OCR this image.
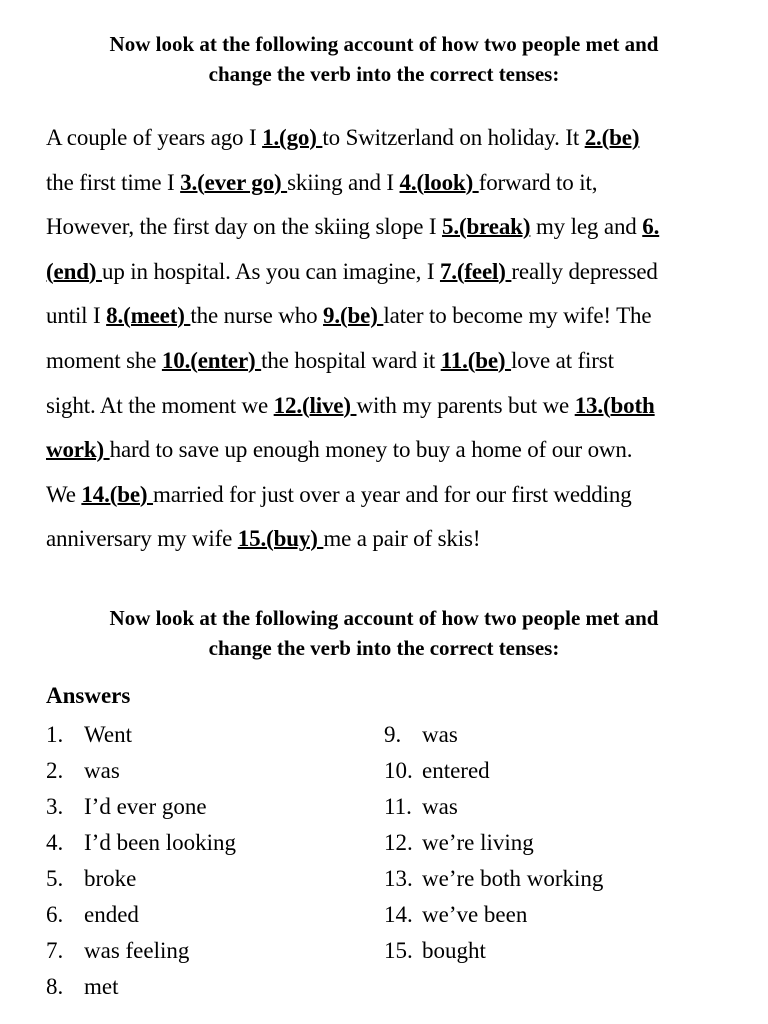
Now look at the following account of how two people met and
change the verb into the correct tenses:
A couple of years ago I 1.(go) to Switzerland on holiday. It 2.(be)
the first time I 3.(ever go) skiing and I 4.(look) forward to it,
However, the first day on the skiing slope I 5.(break) my leg and 6.
(end) up in hospital. As you can imagine, I 7.(feel) really depressed
until I 8.(meet) the nurse who 9.(be) later to become my wife! The
moment she 10.(enter) the hospital ward it 11.(be) love at first
sight. At the moment we 12.(live) with my parents but we 13.(both
work) hard to save up enough money to buy a home of our own.
We 14.(be) married for just over a year and for our first wedding
anniversary my wife 15.(buy) me a pair of skis!
Now look at the following account of how two people met and
change the verb into the correct tenses:
Answers
1. Went
2. was
3. I’d ever gone
4. I’d been looking
5. broke
6. ended
7. was feeling
8. met
9. was
10. entered
11. was
12. we’re living
13. we’re both working
14. we’ve been
15. bought
